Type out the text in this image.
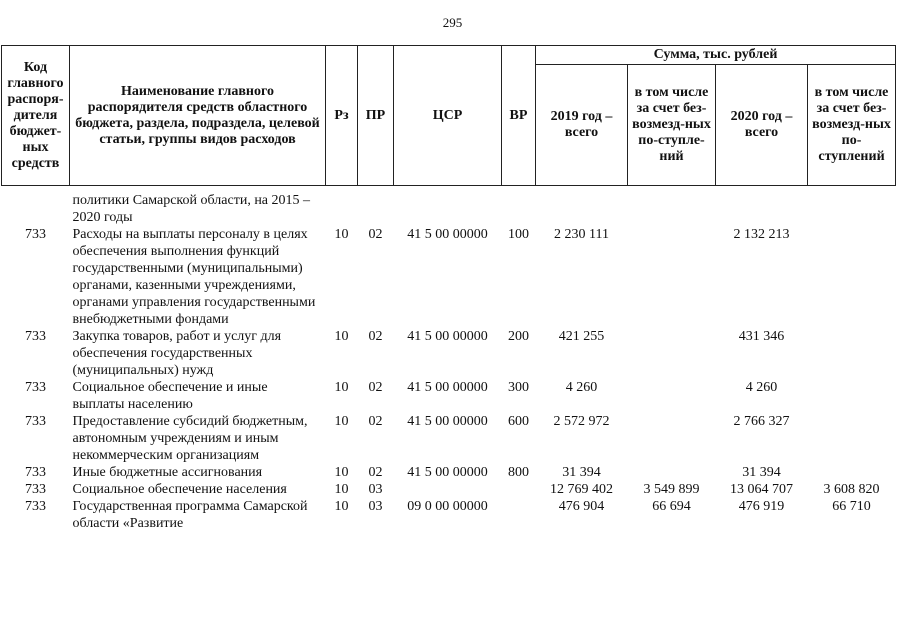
295
Код главного распоря-дителя бюджет-ных средств	Наименование главного распорядителя средств областного бюджета, раздела, подраздела, целевой статьи, группы видов расходов	Рз	ПР	ЦСР	ВР	Сумма, тыс. рублей			
						2019 год – всего	в том числе за счет без-возмезд-ных по-ступле-ний	2020 год – всего	в том числе за счет без-возмезд-ных по-ступлений

	политики Самарской области, на 2015 – 2020 годы								
733	Расходы на выплаты персоналу в целях обеспечения выполнения функций государственными (муниципальными) органами, казенными учреждениями, органами управления государственными внебюджетными фондами	10	02	41 5 00 00000	100	2 230 111		2 132 213	
733	Закупка товаров, работ и услуг для обеспечения государственных (муниципальных) нужд	10	02	41 5 00 00000	200	421 255		431 346	
733	Социальное обеспечение и иные выплаты населению	10	02	41 5 00 00000	300	4 260		4 260	
733	Предоставление субсидий бюджетным, автономным учреждениям и иным некоммерческим организациям	10	02	41 5 00 00000	600	2 572 972		2 766 327	
733	Иные бюджетные ассигнования	10	02	41 5 00 00000	800	31 394		31 394	
733	Социальное обеспечение населения	10	03			12 769 402	3 549 899	13 064 707	3 608 820
733	Государственная программа Самарской области «Развитие	10	03	09 0 00 00000		476 904	66 694	476 919	66 710
